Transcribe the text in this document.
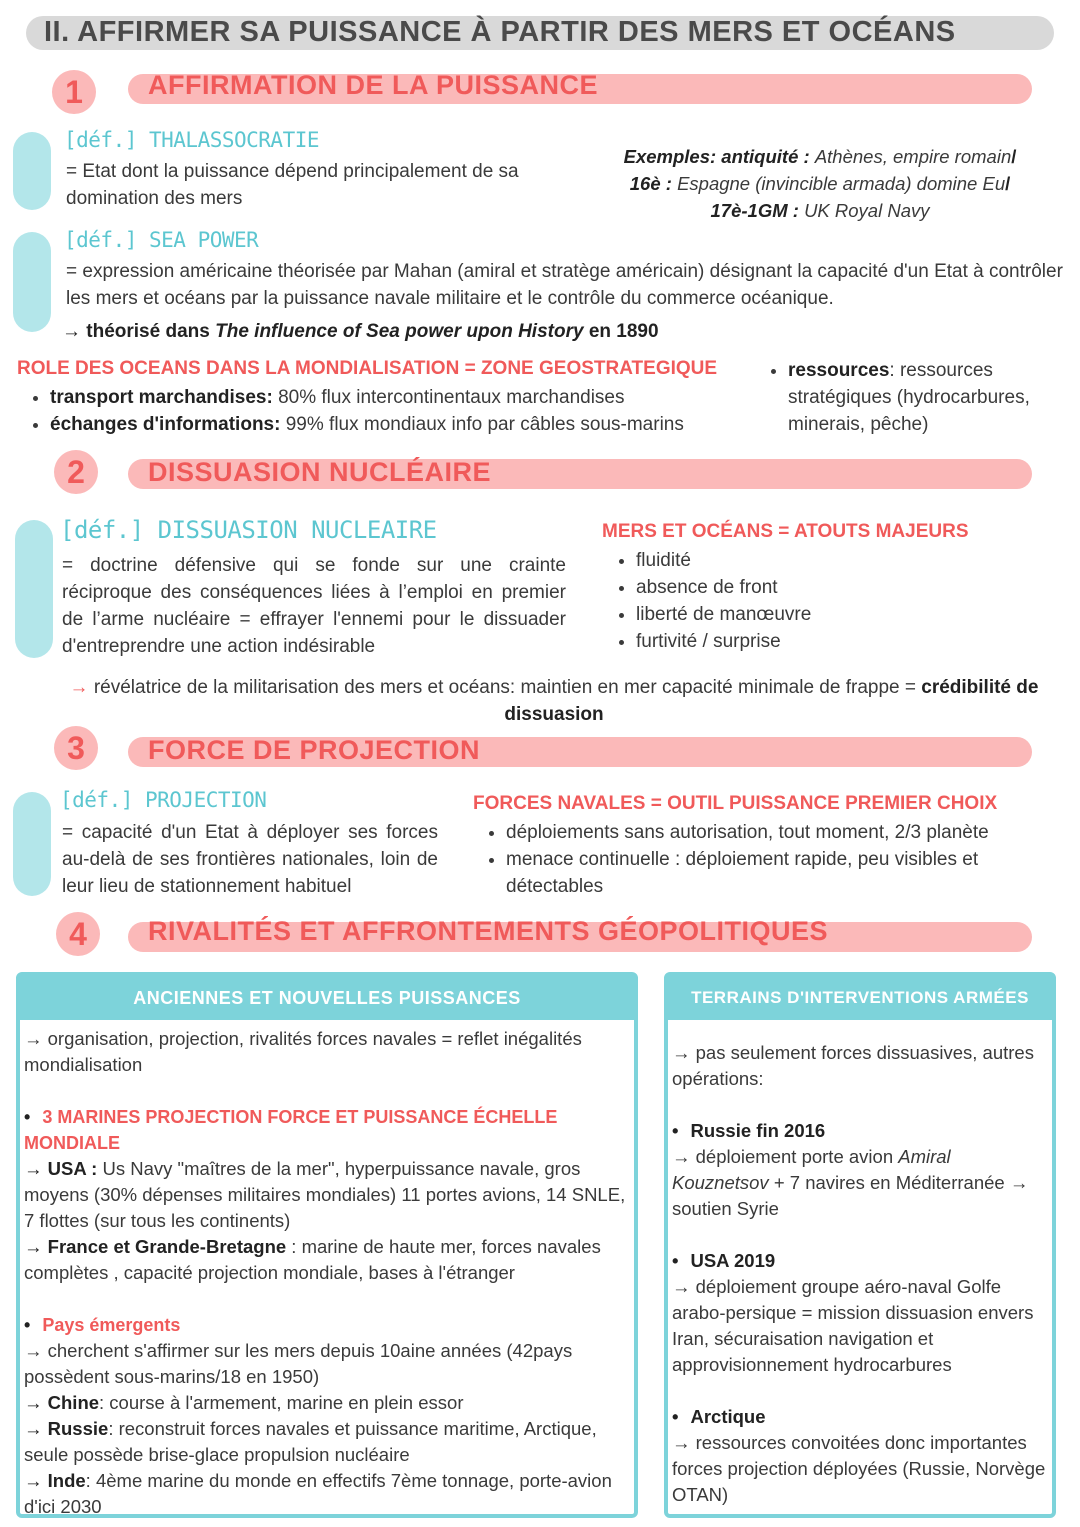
II. AFFIRMER SA PUISSANCE À PARTIR DES MERS ET OCÉANS
1	AFFIRMATION DE LA PUISSANCE
[déf.] THALASSOCRATIE
= Etat dont la puissance dépend principalement de sa domination des mers
Exemples: antiquité : Athènes, empire romain/
16è : Espagne (invincible armada) domine Eu/
17è-1GM : UK Royal Navy
[déf.] SEA POWER
= expression américaine théorisée par Mahan (amiral et stratège américain) désignant la capacité d'un Etat à contrôler les mers et océans par la puissance navale militaire et le contrôle du commerce océanique.
→ théorisé dans The influence of Sea power upon History en 1890
ROLE DES OCEANS DANS LA MONDIALISATION = ZONE GEOSTRATEGIQUE
• transport marchandises: 80% flux intercontinentaux marchandises
• échanges d'informations: 99% flux mondiaux info par câbles sous-marins
• ressources: ressources stratégiques (hydrocarbures, minerais, pêche)
2	DISSUASION NUCLÉAIRE
[déf.] DISSUASION NUCLEAIRE
= doctrine défensive qui se fonde sur une crainte réciproque des conséquences liées à l’emploi en premier de l’arme nucléaire = effrayer l'ennemi pour le dissuader d'entreprendre une action indésirable
MERS ET OCÉANS = ATOUTS MAJEURS
• fluidité
• absence de front
• liberté de manœuvre
• furtivité / surprise
→ révélatrice de la militarisation des mers et océans: maintien en mer capacité minimale de frappe = crédibilité de dissuasion
3	FORCE DE PROJECTION
[déf.] PROJECTION
= capacité d'un Etat à déployer ses forces au-delà de ses frontières nationales, loin de leur lieu de stationnement habituel
FORCES NAVALES = OUTIL PUISSANCE PREMIER CHOIX
• déploiements sans autorisation, tout moment, 2/3 planète
• menace continuelle : déploiement rapide, peu visibles et détectables
4	RIVALITÉS ET AFFRONTEMENTS GÉOPOLITIQUES
ANCIENNES ET NOUVELLES PUISSANCES

→ organisation, projection, rivalités forces navales = reflet inégalités mondialisation

• 3 MARINES PROJECTION FORCE ET PUISSANCE ÉCHELLE MONDIALE

→ USA : Us Navy "maîtres de la mer", hyperpuissance navale, gros moyens (30% dépenses militaires mondiales) 11 portes avions, 14 SNLE, 7 flottes (sur tous les continents)

→ France et Grande-Bretagne : marine de haute mer, forces navales complètes , capacité projection mondiale, bases à l'étranger

• Pays émergents

→ cherchent s'affirmer sur les mers depuis 10aine années (42pays possèdent sous-marins/18 en 1950)

→ Chine: course à l'armement, marine en plein essor

→ Russie: reconstruit forces navales et puissance maritime, Arctique, seule possède brise-glace propulsion nucléaire

→ Inde: 4ème marine du monde en effectifs 7ème tonnage, porte-avion d'ici 2030

TERRAINS D'INTERVENTIONS ARMÉES

→ pas seulement forces dissuasives, autres opérations:

• Russie fin 2016

→ déploiement porte avion Amiral Kouznetsov + 7 navires en Méditerranée → soutien Syrie

• USA 2019

→ déploiement groupe aéro-naval Golfe arabo-persique = mission dissuasion envers Iran, sécuraisation navigation et approvisionnement hydrocarbures

• Arctique

→ ressources convoitées donc importantes forces projection déployées (Russie, Norvège OTAN)
